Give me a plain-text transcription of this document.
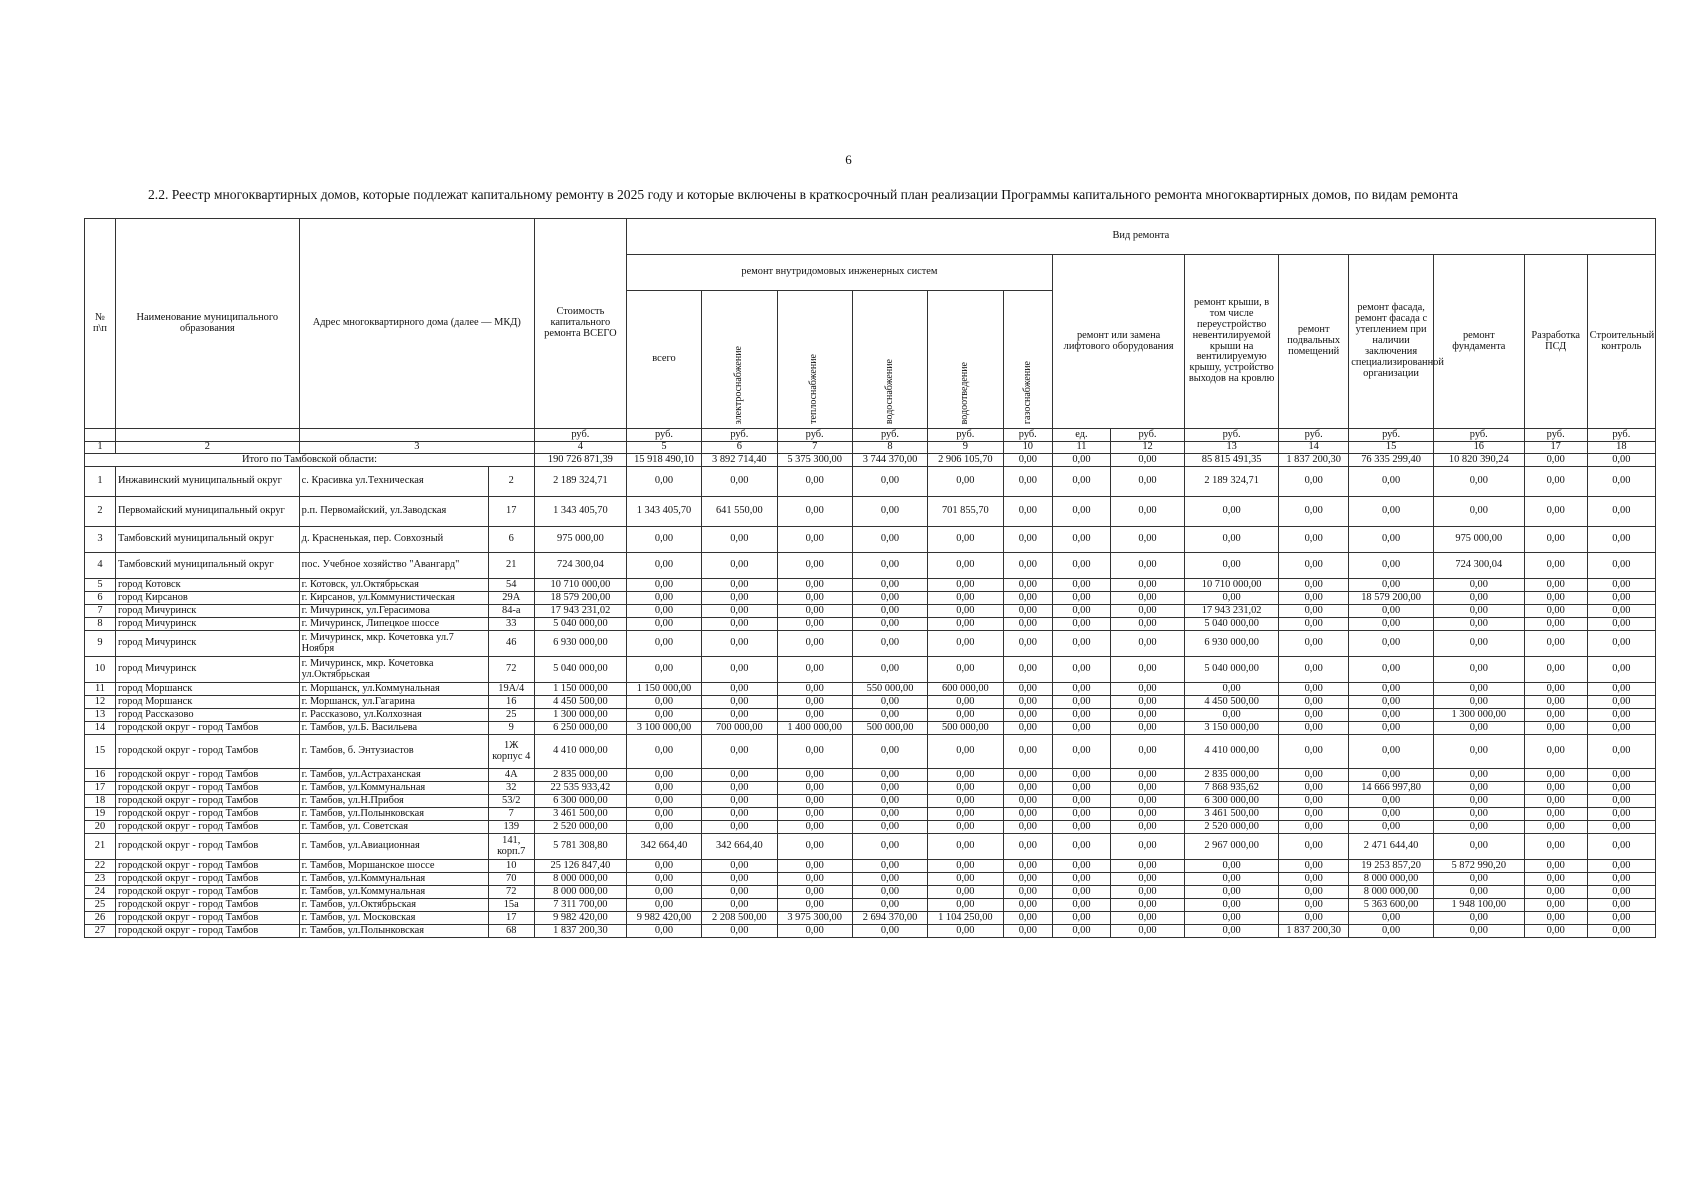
6
2.2. Реестр многоквартирных домов, которые подлежат капитальному ремонту в 2025 году и которые включены в краткосрочный план реализации Программы капитального ремонта многоквартирных домов, по видам ремонта
№ п\п	Наименование муниципального образования	Адрес многоквартирного дома (далее — МКД)		Стоимость капитального ремонта ВСЕГО	Вид ремонта													
					ремонт внутридомовых инженерных систем						ремонт или замена лифтового оборудования		ремонт крыши, в том числе переустройство невентилируемой крыши на вентилируемую крышу, устройство выходов на кровлю	ремонт подвальных помещений	ремонт фасада, ремонт фасада с утеплением при наличии заключения специализированной организации	ремонт фундамента	Разработка ПСД	Строительный контроль
					всего	электроснабжение	теплоснабжение	водоснабжение	водоотведение	газоснабжение								
				руб.	руб.	руб.	руб.	руб.	руб.	руб.	ед.	руб.	руб.	руб.	руб.	руб.	руб.	руб.
1	2	3		4	5	6	7	8	9	10	11	12	13	14	15	16	17	18
Итого по Тамбовской области:				190 726 871,39	15 918 490,10	3 892 714,40	5 375 300,00	3 744 370,00	2 906 105,70	0,00	0,00	0,00	85 815 491,35	1 837 200,30	76 335 299,40	10 820 390,24	0,00	0,00
1	Инжавинский муниципальный округ	с. Красивка ул.Техническая	2	2 189 324,71	0,00	0,00	0,00	0,00	0,00	0,00	0,00	0,00	2 189 324,71	0,00	0,00	0,00	0,00	0,00
2	Первомайский муниципальный округ	р.п. Первомайский, ул.Заводская	17	1 343 405,70	1 343 405,70	641 550,00	0,00	0,00	701 855,70	0,00	0,00	0,00	0,00	0,00	0,00	0,00	0,00	0,00
3	Тамбовский муниципальный округ	д. Красненькая, пер. Совхозный	6	975 000,00	0,00	0,00	0,00	0,00	0,00	0,00	0,00	0,00	0,00	0,00	0,00	975 000,00	0,00	0,00
4	Тамбовский муниципальный округ	пос. Учебное хозяйство "Авангард"	21	724 300,04	0,00	0,00	0,00	0,00	0,00	0,00	0,00	0,00	0,00	0,00	0,00	724 300,04	0,00	0,00
5	город Котовск	г. Котовск, ул.Октябрьская	54	10 710 000,00	0,00	0,00	0,00	0,00	0,00	0,00	0,00	0,00	10 710 000,00	0,00	0,00	0,00	0,00	0,00
6	город Кирсанов	г. Кирсанов, ул.Коммунистическая	29А	18 579 200,00	0,00	0,00	0,00	0,00	0,00	0,00	0,00	0,00	0,00	0,00	18 579 200,00	0,00	0,00	0,00
7	город Мичуринск	г. Мичуринск, ул.Герасимова	84-а	17 943 231,02	0,00	0,00	0,00	0,00	0,00	0,00	0,00	0,00	17 943 231,02	0,00	0,00	0,00	0,00	0,00
8	город Мичуринск	г. Мичуринск, Липецкое шоссе	33	5 040 000,00	0,00	0,00	0,00	0,00	0,00	0,00	0,00	0,00	5 040 000,00	0,00	0,00	0,00	0,00	0,00
9	город Мичуринск	г. Мичуринск, мкр. Кочетовка ул.7 Ноября	46	6 930 000,00	0,00	0,00	0,00	0,00	0,00	0,00	0,00	0,00	6 930 000,00	0,00	0,00	0,00	0,00	0,00
10	город Мичуринск	г. Мичуринск, мкр. Кочетовка ул.Октябрьская	72	5 040 000,00	0,00	0,00	0,00	0,00	0,00	0,00	0,00	0,00	5 040 000,00	0,00	0,00	0,00	0,00	0,00
11	город Моршанск	г. Моршанск, ул.Коммунальная	19А/4	1 150 000,00	1 150 000,00	0,00	0,00	550 000,00	600 000,00	0,00	0,00	0,00	0,00	0,00	0,00	0,00	0,00	0,00
12	город Моршанск	г. Моршанск, ул.Гагарина	16	4 450 500,00	0,00	0,00	0,00	0,00	0,00	0,00	0,00	0,00	4 450 500,00	0,00	0,00	0,00	0,00	0,00
13	город Рассказово	г. Рассказово, ул.Колхозная	25	1 300 000,00	0,00	0,00	0,00	0,00	0,00	0,00	0,00	0,00	0,00	0,00	0,00	1 300 000,00	0,00	0,00
14	городской округ - город Тамбов	г. Тамбов, ул.Б. Васильева	9	6 250 000,00	3 100 000,00	700 000,00	1 400 000,00	500 000,00	500 000,00	0,00	0,00	0,00	3 150 000,00	0,00	0,00	0,00	0,00	0,00
15	городской округ - город Тамбов	г. Тамбов, б. Энтузиастов	1Ж корпус 4	4 410 000,00	0,00	0,00	0,00	0,00	0,00	0,00	0,00	0,00	4 410 000,00	0,00	0,00	0,00	0,00	0,00
16	городской округ - город Тамбов	г. Тамбов, ул.Астраханская	4А	2 835 000,00	0,00	0,00	0,00	0,00	0,00	0,00	0,00	0,00	2 835 000,00	0,00	0,00	0,00	0,00	0,00
17	городской округ - город Тамбов	г. Тамбов, ул.Коммунальная	32	22 535 933,42	0,00	0,00	0,00	0,00	0,00	0,00	0,00	0,00	7 868 935,62	0,00	14 666 997,80	0,00	0,00	0,00
18	городской округ - город Тамбов	г. Тамбов, ул.Н.Прибоя	53/2	6 300 000,00	0,00	0,00	0,00	0,00	0,00	0,00	0,00	0,00	6 300 000,00	0,00	0,00	0,00	0,00	0,00
19	городской округ - город Тамбов	г. Тамбов, ул.Полынковская	7	3 461 500,00	0,00	0,00	0,00	0,00	0,00	0,00	0,00	0,00	3 461 500,00	0,00	0,00	0,00	0,00	0,00
20	городской округ - город Тамбов	г. Тамбов, ул. Советская	139	2 520 000,00	0,00	0,00	0,00	0,00	0,00	0,00	0,00	0,00	2 520 000,00	0,00	0,00	0,00	0,00	0,00
21	городской округ - город Тамбов	г. Тамбов, ул.Авиационная	141, корп.7	5 781 308,80	342 664,40	342 664,40	0,00	0,00	0,00	0,00	0,00	0,00	2 967 000,00	0,00	2 471 644,40	0,00	0,00	0,00
22	городской округ - город Тамбов	г. Тамбов, Моршанское шоссе	10	25 126 847,40	0,00	0,00	0,00	0,00	0,00	0,00	0,00	0,00	0,00	0,00	19 253 857,20	5 872 990,20	0,00	0,00
23	городской округ - город Тамбов	г. Тамбов, ул.Коммунальная	70	8 000 000,00	0,00	0,00	0,00	0,00	0,00	0,00	0,00	0,00	0,00	0,00	8 000 000,00	0,00	0,00	0,00
24	городской округ - город Тамбов	г. Тамбов, ул.Коммунальная	72	8 000 000,00	0,00	0,00	0,00	0,00	0,00	0,00	0,00	0,00	0,00	0,00	8 000 000,00	0,00	0,00	0,00
25	городской округ - город Тамбов	г. Тамбов, ул.Октябрьская	15а	7 311 700,00	0,00	0,00	0,00	0,00	0,00	0,00	0,00	0,00	0,00	0,00	5 363 600,00	1 948 100,00	0,00	0,00
26	городской округ - город Тамбов	г. Тамбов, ул. Московская	17	9 982 420,00	9 982 420,00	2 208 500,00	3 975 300,00	2 694 370,00	1 104 250,00	0,00	0,00	0,00	0,00	0,00	0,00	0,00	0,00	0,00
27	городской округ - город Тамбов	г. Тамбов, ул.Полынковская	68	1 837 200,30	0,00	0,00	0,00	0,00	0,00	0,00	0,00	0,00	0,00	1 837 200,30	0,00	0,00	0,00	0,00
